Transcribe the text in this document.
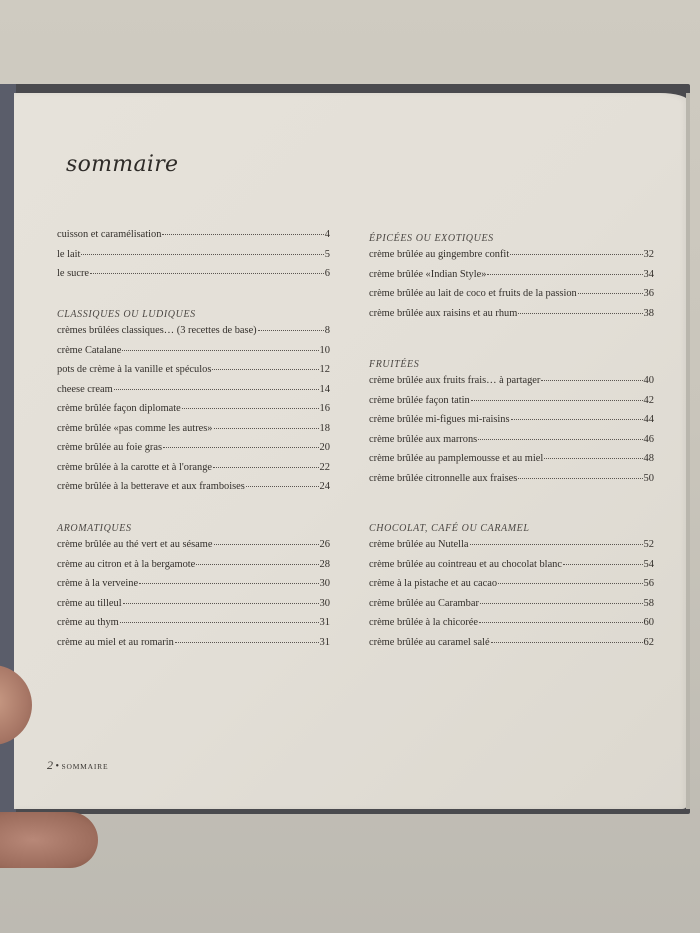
sommaire
cuisson et caramélisation	4
le lait	5
le sucre	6
CLASSIQUES OU LUDIQUES
crèmes brûlées classiques… (3 recettes de base)	8
crème Catalane	10
pots de crème à la vanille et spéculos	12
cheese cream	14
crème brûlée façon diplomate	16
crème brûlée «pas comme les autres»	18
crème brûlée au foie gras	20
crème brûlée à la carotte et à l'orange	22
crème brûlée à la betterave et aux framboises	24
AROMATIQUES
crème brûlée au thé vert et au sésame	26
crème au citron et à la bergamote	28
crème à la verveine	30
crème au tilleul	30
crème au thym	31
crème au miel et au romarin	31
ÉPICÉES OU EXOTIQUES
crème brûlée au gingembre confit	32
crème brûlée «Indian Style»	34
crème brûlée au lait de coco et fruits de la passion	36
crème brûlée aux raisins et au rhum	38
FRUITÉES
crème brûlée aux fruits frais… à partager	40
crème brûlée façon tatin	42
crème brûlée mi-figues mi-raisins	44
crème brûlée aux marrons	46
crème brûlée au pamplemousse et au miel	48
crème brûlée citronnelle aux fraises	50
CHOCOLAT, CAFÉ OU CARAMEL
crème brûlée au Nutella	52
crème brûlée au cointreau et au chocolat blanc	54
crème à la pistache et au cacao	56
crème brûlée au Carambar	58
crème brûlée à la chicorée	60
crème brûlée au caramel salé	62
2 • SOMMAIRE
